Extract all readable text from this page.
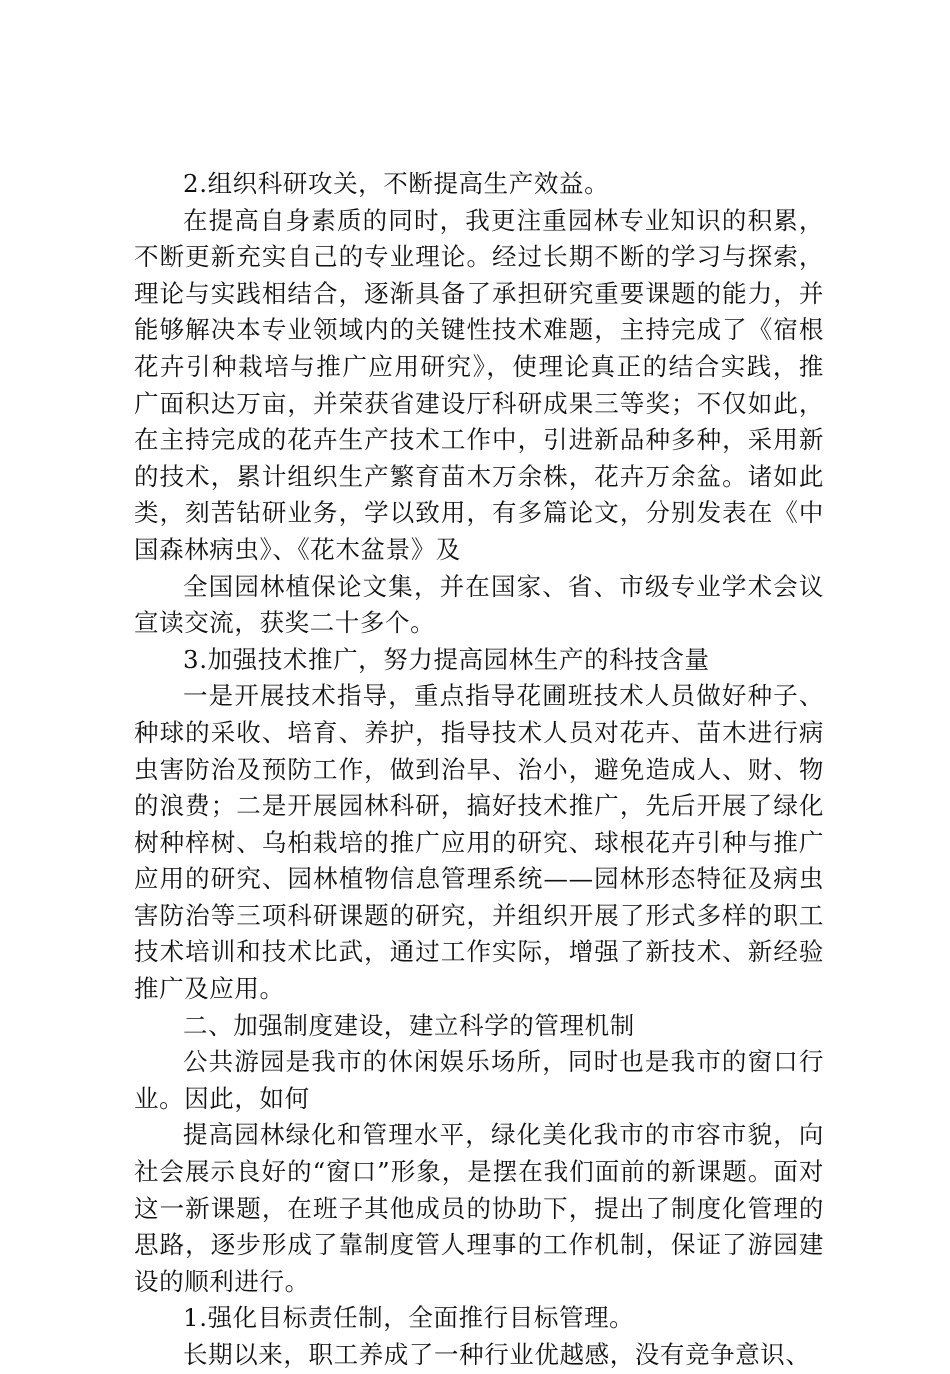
2.组织科研攻关，不断提高生产效益。

在提高自身素质的同时，我更注重园林专业知识的积累，不断更新充实自己的专业理论。经过长期不断的学习与探索，理论与实践相结合，逐渐具备了承担研究重要课题的能力，并能够解决本专业领域内的关键性技术难题，主持完成了《宿根花卉引种栽培与推广应用研究》，使理论真正的结合实践，推广面积达万亩，并荣获省建设厅科研成果三等奖；不仅如此，在主持完成的花卉生产技术工作中，引进新品种多种，采用新的技术，累计组织生产繁育苗木万余株，花卉万余盆。诸如此类，刻苦钻研业务，学以致用，有多篇论文，分别发表在《中国森林病虫》、《花木盆景》及

全国园林植保论文集，并在国家、省、市级专业学术会议宣读交流，获奖二十多个。

3.加强技术推广，努力提高园林生产的科技含量

一是开展技术指导，重点指导花圃班技术人员做好种子、种球的采收、培育、养护，指导技术人员对花卉、苗木进行病虫害防治及预防工作，做到治早、治小，避免造成人、财、物的浪费；二是开展园林科研，搞好技术推广，先后开展了绿化树种梓树、乌桕栽培的推广应用的研究、球根花卉引种与推广应用的研究、园林植物信息管理系统——园林形态特征及病虫害防治等三项科研课题的研究，并组织开展了形式多样的职工技术培训和技术比武，通过工作实际，增强了新技术、新经验推广及应用。

二、加强制度建设，建立科学的管理机制

公共游园是我市的休闲娱乐场所，同时也是我市的窗口行业。因此，如何

提高园林绿化和管理水平，绿化美化我市的市容市貌，向社会展示良好的“窗口”形象，是摆在我们面前的新课题。面对这一新课题，在班子其他成员的协助下，提出了制度化管理的思路，逐步形成了靠制度管人理事的工作机制，保证了游园建设的顺利进行。

1.强化目标责任制，全面推行目标管理。

长期以来，职工养成了一种行业优越感，没有竞争意识、
